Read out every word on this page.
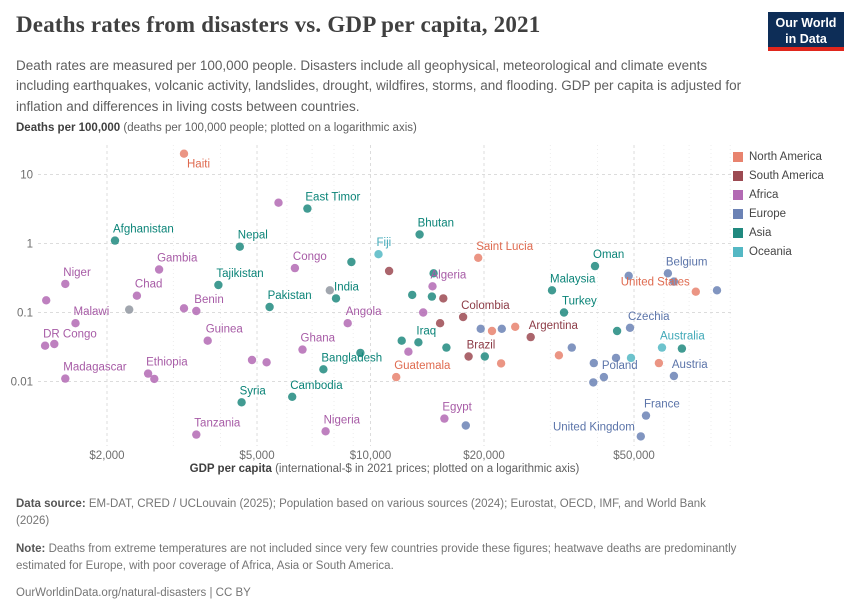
$2,000	$5,000	$10,000	$20,000	$50,000
10
1
0.1
0.01
Haiti
Afghanistan
Nepal
East Timor
Bhutan
Fiji	Saint Lucia
Oman
Belgium
United States
Niger
Gambia
Chad
Tajikistan
Congo
Benin
Malawi
DR Congo
Madagascar Ethiopia
Guinea
Syria
Tanzania
Pakistan
India
Angola
Ghana
Bangladesh
Cambodia
Nigeria
Iraq
Guatemala
Algeria
Egypt
Colombia
Brazil
Argentina
Malaysia
Turkey
Czechia
Poland
Australia
Austria
France
United Kingdom
Deaths rates from disasters vs. GDP per capita, 2021	Our World
in Data

Death rates are measured per 100,000 people. Disasters include all geophysical, meteorological and climate events including earthquakes, volcanic activity, landslides, drought, wildfires, storms, and flooding. GDP per capita is adjusted for inflation and differences in living costs between countries.

Deaths per 100,000 (deaths per 100,000 people; plotted on a logarithmic axis)
North America
South America
Africa
Europe
Asia
Oceania
GDP per capita (international-$ in 2021 prices; plotted on a logarithmic axis)
Data source: EM-DAT, CRED / UCLouvain (2025); Population based on various sources (2024); Eurostat, OECD, IMF, and World Bank
(2026)
Note: Deaths from extreme temperatures are not included since very few countries provide these figures; heatwave deaths are predominantly
estimated for Europe, with poor coverage of Africa, Asia or South America.
OurWorldinData.org/natural-disasters | CC BY
